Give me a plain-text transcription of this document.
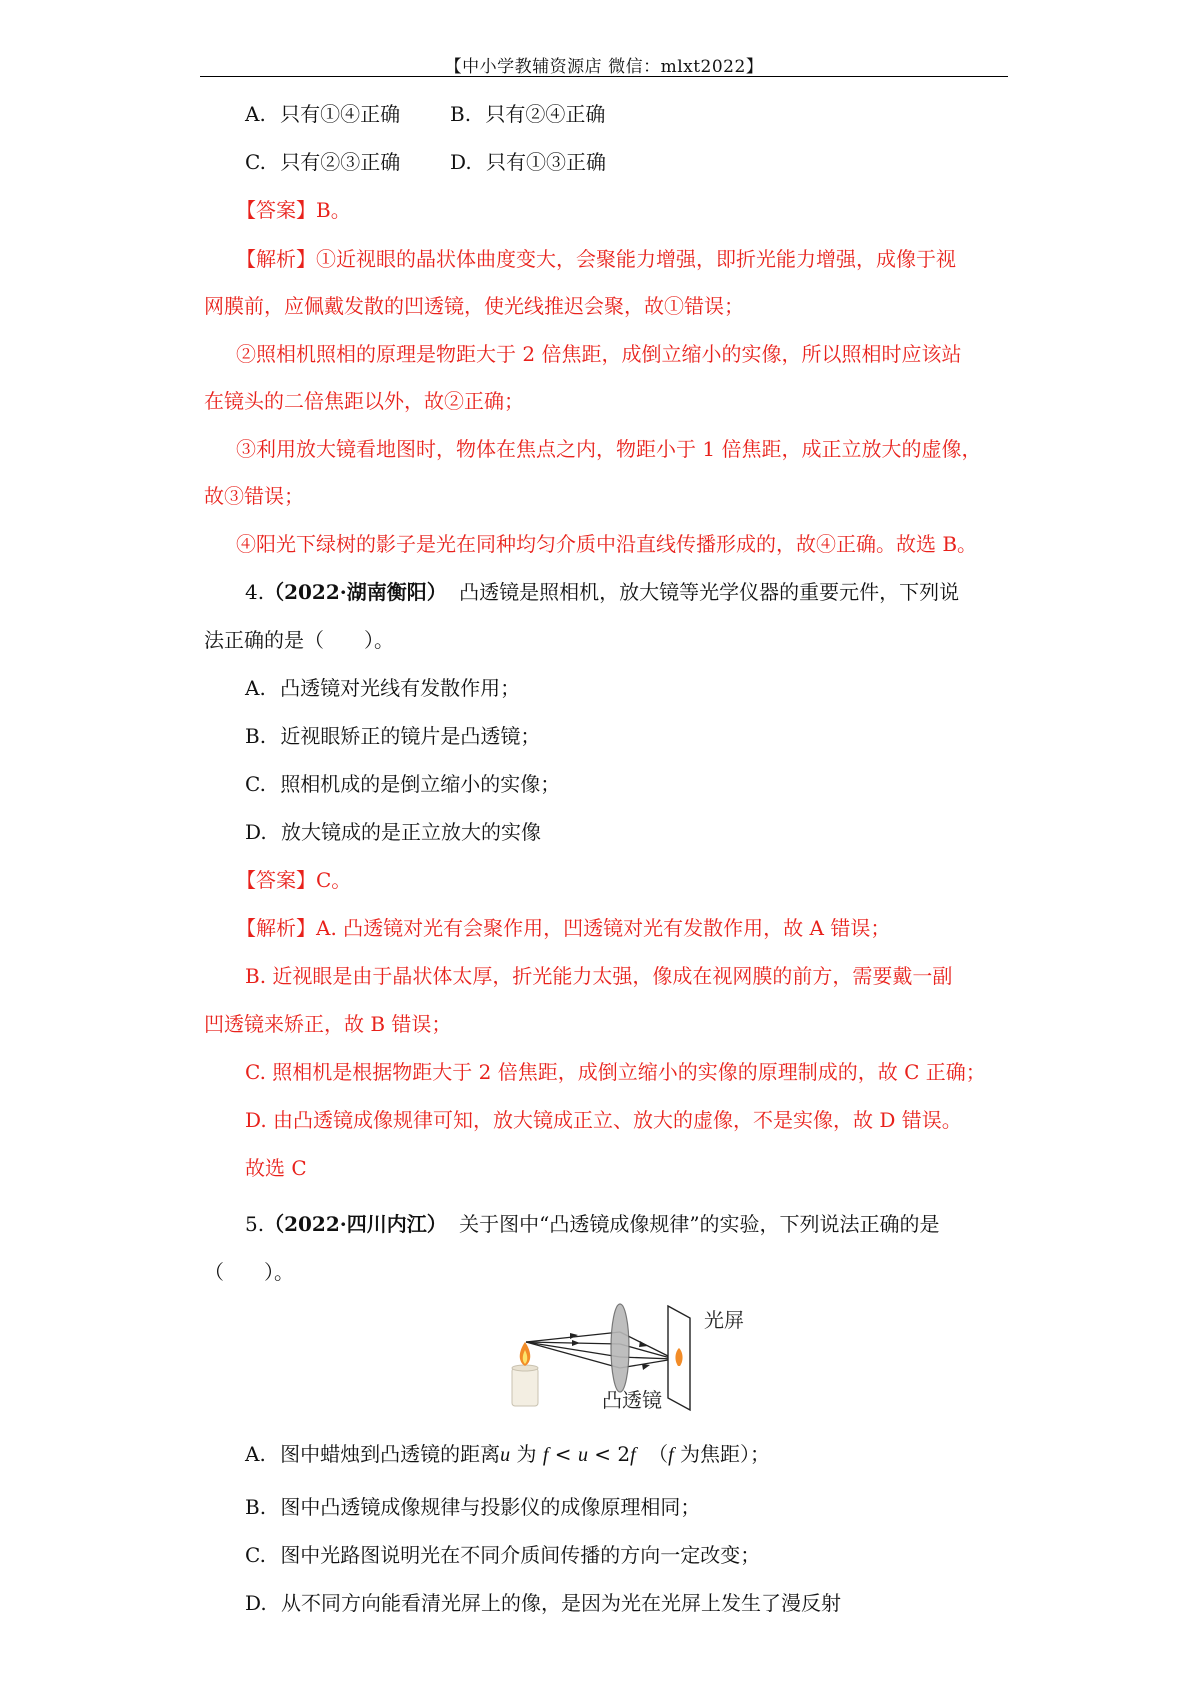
【中小学教辅资源店 微信：mlxt2022】
A. 只有①④正确 B. 只有②④正确
C. 只有②③正确 D. 只有①③正确
【答案】B。
【解析】①近视眼的晶状体曲度变大，会聚能力增强，即折光能力增强，成像于视
网膜前，应佩戴发散的凹透镜，使光线推迟会聚，故①错误；
②照相机照相的原理是物距大于 2 倍焦距，成倒立缩小的实像，所以照相时应该站
在镜头的二倍焦距以外，故②正确；
③利用放大镜看地图时，物体在焦点之内，物距小于 1 倍焦距，成正立放大的虚像，
故③错误；
④阳光下绿树的影子是光在同种均匀介质中沿直线传播形成的，故④正确。故选 B。
4.（2022·湖南衡阳） 凸透镜是照相机，放大镜等光学仪器的重要元件，下列说
法正确的是（　　）。
A. 凸透镜对光线有发散作用；
B. 近视眼矫正的镜片是凸透镜；
C. 照相机成的是倒立缩小的实像；
D. 放大镜成的是正立放大的实像
【答案】C。
【解析】A. 凸透镜对光有会聚作用，凹透镜对光有发散作用，故 A 错误；
B. 近视眼是由于晶状体太厚，折光能力太强，像成在视网膜的前方，需要戴一副
凹透镜来矫正，故 B 错误；
C. 照相机是根据物距大于 2 倍焦距，成倒立缩小的实像的原理制成的，故 C 正确；
D. 由凸透镜成像规律可知，放大镜成正立、放大的虚像，不是实像，故 D 错误。
故选 C
5.（2022·四川内江） 关于图中“凸透镜成像规律”的实验，下列说法正确的是
（　　）。
光屏
凸透镜
A. 图中蜡烛到凸透镜的距离u 为 f < u < 2f （f 为焦距）；
B. 图中凸透镜成像规律与投影仪的成像原理相同；
C. 图中光路图说明光在不同介质间传播的方向一定改变；
D. 从不同方向能看清光屏上的像，是因为光在光屏上发生了漫反射
